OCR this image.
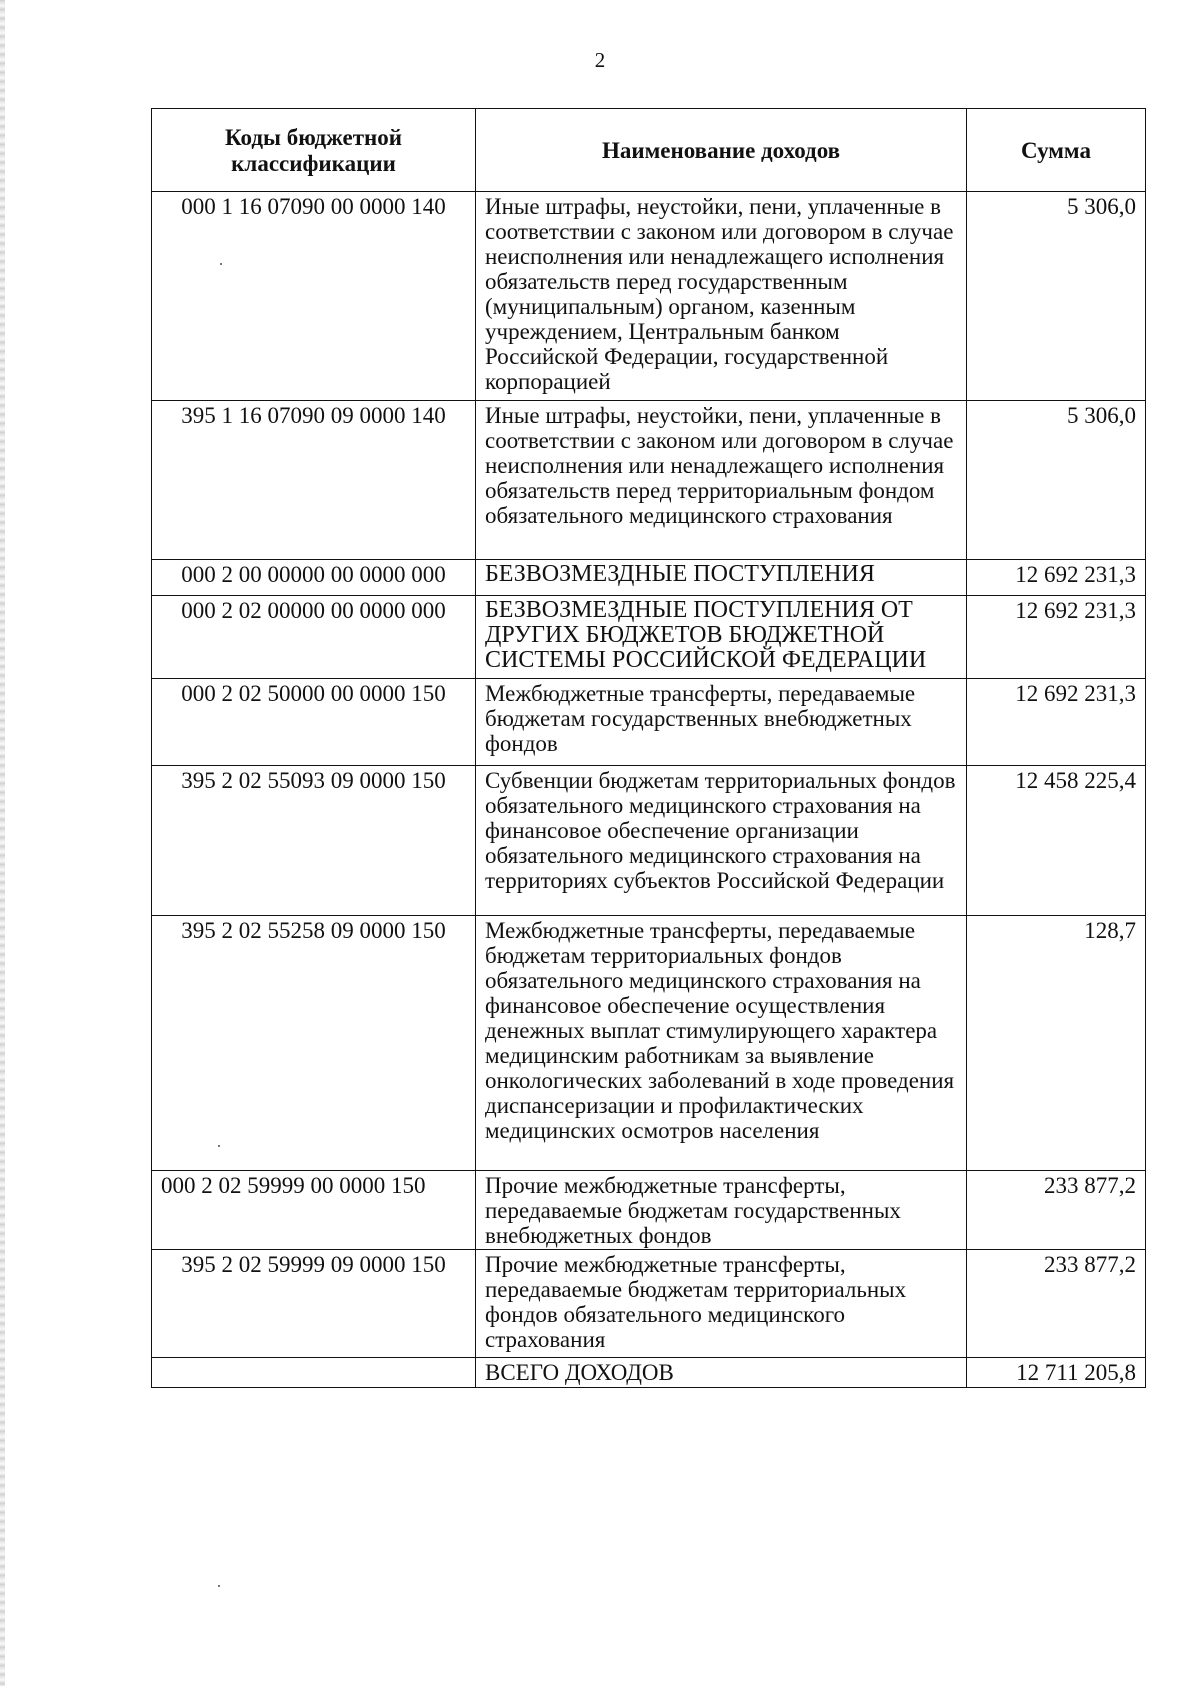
2
Коды бюджетной классификации	Наименование доходов	Сумма
000 1 16 07090 00 0000 140	Иные штрафы, неустойки, пени, уплаченные в соответствии с законом или договором в случае неисполнения или ненадлежащего исполнения обязательств перед государственным (муниципальным) органом, казенным учреждением, Центральным банком Российской Федерации, государственной корпорацией	5 306,0
395 1 16 07090 09 0000 140	Иные штрафы, неустойки, пени, уплаченные в соответствии с законом или договором в случае неисполнения или ненадлежащего исполнения обязательств перед территориальным фондом обязательного медицинского страхования	5 306,0
000 2 00 00000 00 0000 000	БЕЗВОЗМЕЗДНЫЕ ПОСТУПЛЕНИЯ	12 692 231,3
000 2 02 00000 00 0000 000	БЕЗВОЗМЕЗДНЫЕ ПОСТУПЛЕНИЯ ОТ ДРУГИХ БЮДЖЕТОВ БЮДЖЕТНОЙ СИСТЕМЫ РОССИЙСКОЙ ФЕДЕРАЦИИ	12 692 231,3
000 2 02 50000 00 0000 150	Межбюджетные трансферты, передаваемые бюджетам государственных внебюджетных фондов	12 692 231,3
395 2 02 55093 09 0000 150	Субвенции бюджетам территориальных фондов обязательного медицинского страхования на финансовое обеспечение организации обязательного медицинского страхования на территориях субъектов Российской Федерации	12 458 225,4
395 2 02 55258 09 0000 150	Межбюджетные трансферты, передаваемые бюджетам территориальных фондов обязательного медицинского страхования на финансовое обеспечение осуществления денежных выплат стимулирующего характера медицинским работникам за выявление онкологических заболеваний в ходе проведения диспансеризации и профилактических медицинских осмотров населения	128,7
000 2 02 59999 00 0000 150	Прочие межбюджетные трансферты, передаваемые бюджетам государственных внебюджетных фондов	233 877,2
395 2 02 59999 09 0000 150	Прочие межбюджетные трансферты, передаваемые бюджетам территориальных фондов обязательного медицинского страхования	233 877,2
	ВСЕГО ДОХОДОВ	12 711 205,8
